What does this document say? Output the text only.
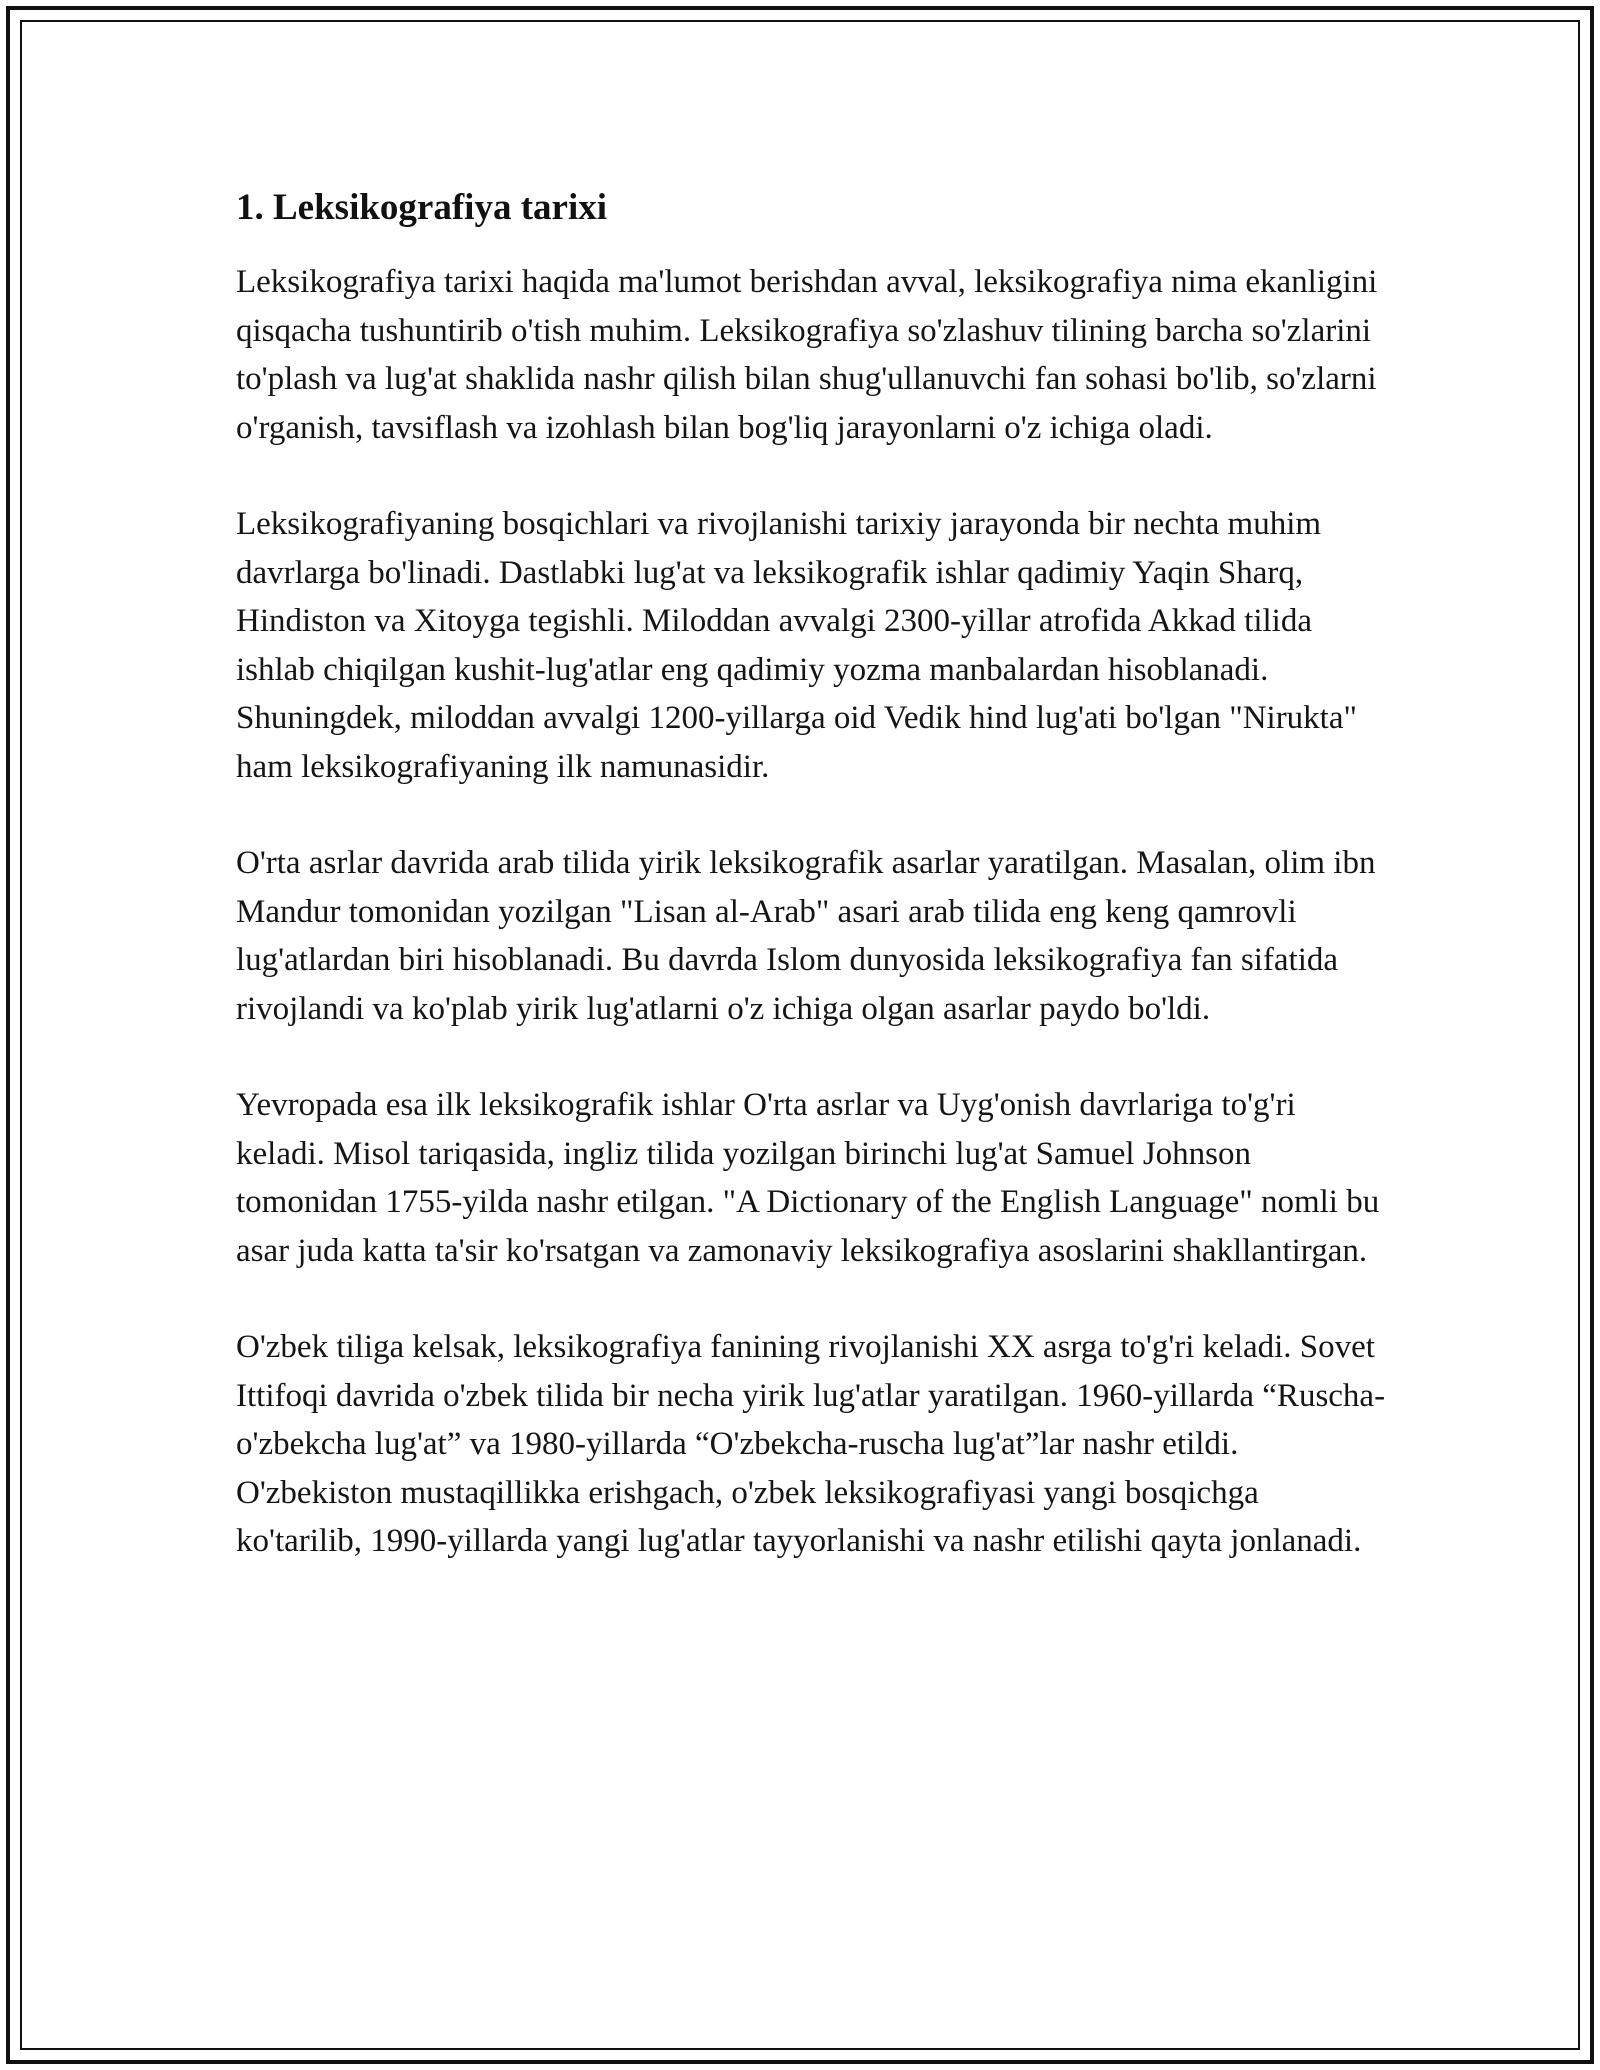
1. Leksikografiya tarixi

Leksikografiya tarixi haqida ma'lumot berishdan avval, leksikografiya nima ekanligini qisqacha tushuntirib o'tish muhim. Leksikografiya so'zlashuv tilining barcha so'zlarini to'plash va lug'at shaklida nashr qilish bilan shug'ullanuvchi fan sohasi bo'lib, so'zlarni o'rganish, tavsiflash va izohlash bilan bog'liq jarayonlarni o'z ichiga oladi.

Leksikografiyaning bosqichlari va rivojlanishi tarixiy jarayonda bir nechta muhim davrlarga bo'linadi. Dastlabki lug'at va leksikografik ishlar qadimiy Yaqin Sharq, Hindiston va Xitoyga tegishli. Miloddan avvalgi 2300-yillar atrofida Akkad tilida ishlab chiqilgan kushit-lug'atlar eng qadimiy yozma manbalardan hisoblanadi. Shuningdek, miloddan avvalgi 1200-yillarga oid Vedik hind lug'ati bo'lgan "Nirukta" ham leksikografiyaning ilk namunasidir.

O'rta asrlar davrida arab tilida yirik leksikografik asarlar yaratilgan. Masalan, olim ibn Mandur tomonidan yozilgan "Lisan al-Arab" asari arab tilida eng keng qamrovli lug'atlardan biri hisoblanadi. Bu davrda Islom dunyosida leksikografiya fan sifatida rivojlandi va ko'plab yirik lug'atlarni o'z ichiga olgan asarlar paydo bo'ldi.

Yevropada esa ilk leksikografik ishlar O'rta asrlar va Uyg'onish davrlariga to'g'ri keladi. Misol tariqasida, ingliz tilida yozilgan birinchi lug'at Samuel Johnson tomonidan 1755-yilda nashr etilgan. "A Dictionary of the English Language" nomli bu asar juda katta ta'sir ko'rsatgan va zamonaviy leksikografiya asoslarini shakllantirgan.

O'zbek tiliga kelsak, leksikografiya fanining rivojlanishi XX asrga to'g'ri keladi. Sovet Ittifoqi davrida o'zbek tilida bir necha yirik lug'atlar yaratilgan. 1960-yillarda “Ruscha-o'zbekcha lug'at” va 1980-yillarda “O'zbekcha-ruscha lug'at”lar nashr etildi. O'zbekiston mustaqillikka erishgach, o'zbek leksikografiyasi yangi bosqichga ko'tarilib, 1990-yillarda yangi lug'atlar tayyorlanishi va nashr etilishi qayta jonlanadi.
